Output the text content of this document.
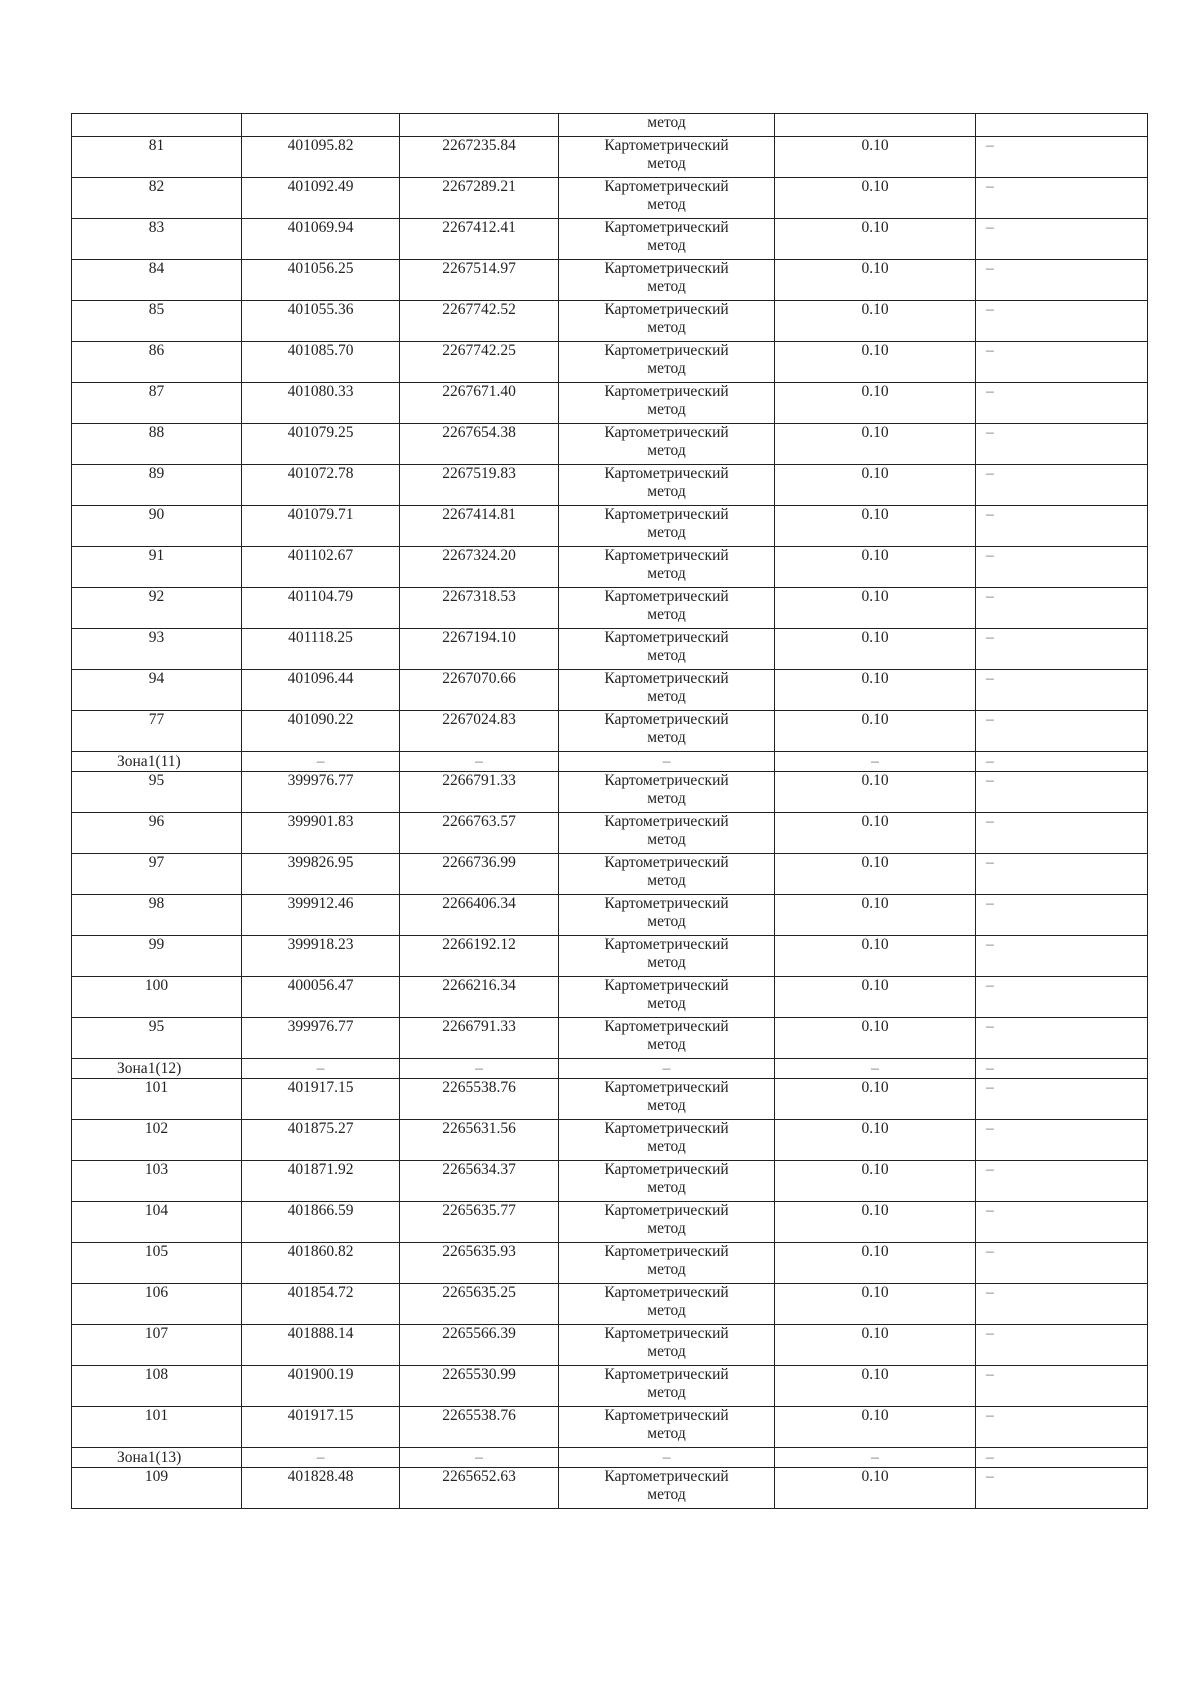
			метод		
81	401095.82	2267235.84	Картометрический метод	0.10	–
82	401092.49	2267289.21	Картометрический метод	0.10	–
83	401069.94	2267412.41	Картометрический метод	0.10	–
84	401056.25	2267514.97	Картометрический метод	0.10	–
85	401055.36	2267742.52	Картометрический метод	0.10	–
86	401085.70	2267742.25	Картометрический метод	0.10	–
87	401080.33	2267671.40	Картометрический метод	0.10	–
88	401079.25	2267654.38	Картометрический метод	0.10	–
89	401072.78	2267519.83	Картометрический метод	0.10	–
90	401079.71	2267414.81	Картометрический метод	0.10	–
91	401102.67	2267324.20	Картометрический метод	0.10	–
92	401104.79	2267318.53	Картометрический метод	0.10	–
93	401118.25	2267194.10	Картометрический метод	0.10	–
94	401096.44	2267070.66	Картометрический метод	0.10	–
77	401090.22	2267024.83	Картометрический метод	0.10	–
Зона1(11)	–	–	–	–	–
95	399976.77	2266791.33	Картометрический метод	0.10	–
96	399901.83	2266763.57	Картометрический метод	0.10	–
97	399826.95	2266736.99	Картометрический метод	0.10	–
98	399912.46	2266406.34	Картометрический метод	0.10	–
99	399918.23	2266192.12	Картометрический метод	0.10	–
100	400056.47	2266216.34	Картометрический метод	0.10	–
95	399976.77	2266791.33	Картометрический метод	0.10	–
Зона1(12)	–	–	–	–	–
101	401917.15	2265538.76	Картометрический метод	0.10	–
102	401875.27	2265631.56	Картометрический метод	0.10	–
103	401871.92	2265634.37	Картометрический метод	0.10	–
104	401866.59	2265635.77	Картометрический метод	0.10	–
105	401860.82	2265635.93	Картометрический метод	0.10	–
106	401854.72	2265635.25	Картометрический метод	0.10	–
107	401888.14	2265566.39	Картометрический метод	0.10	–
108	401900.19	2265530.99	Картометрический метод	0.10	–
101	401917.15	2265538.76	Картометрический метод	0.10	–
Зона1(13)	–	–	–	–	–
109	401828.48	2265652.63	Картометрический метод	0.10	–
